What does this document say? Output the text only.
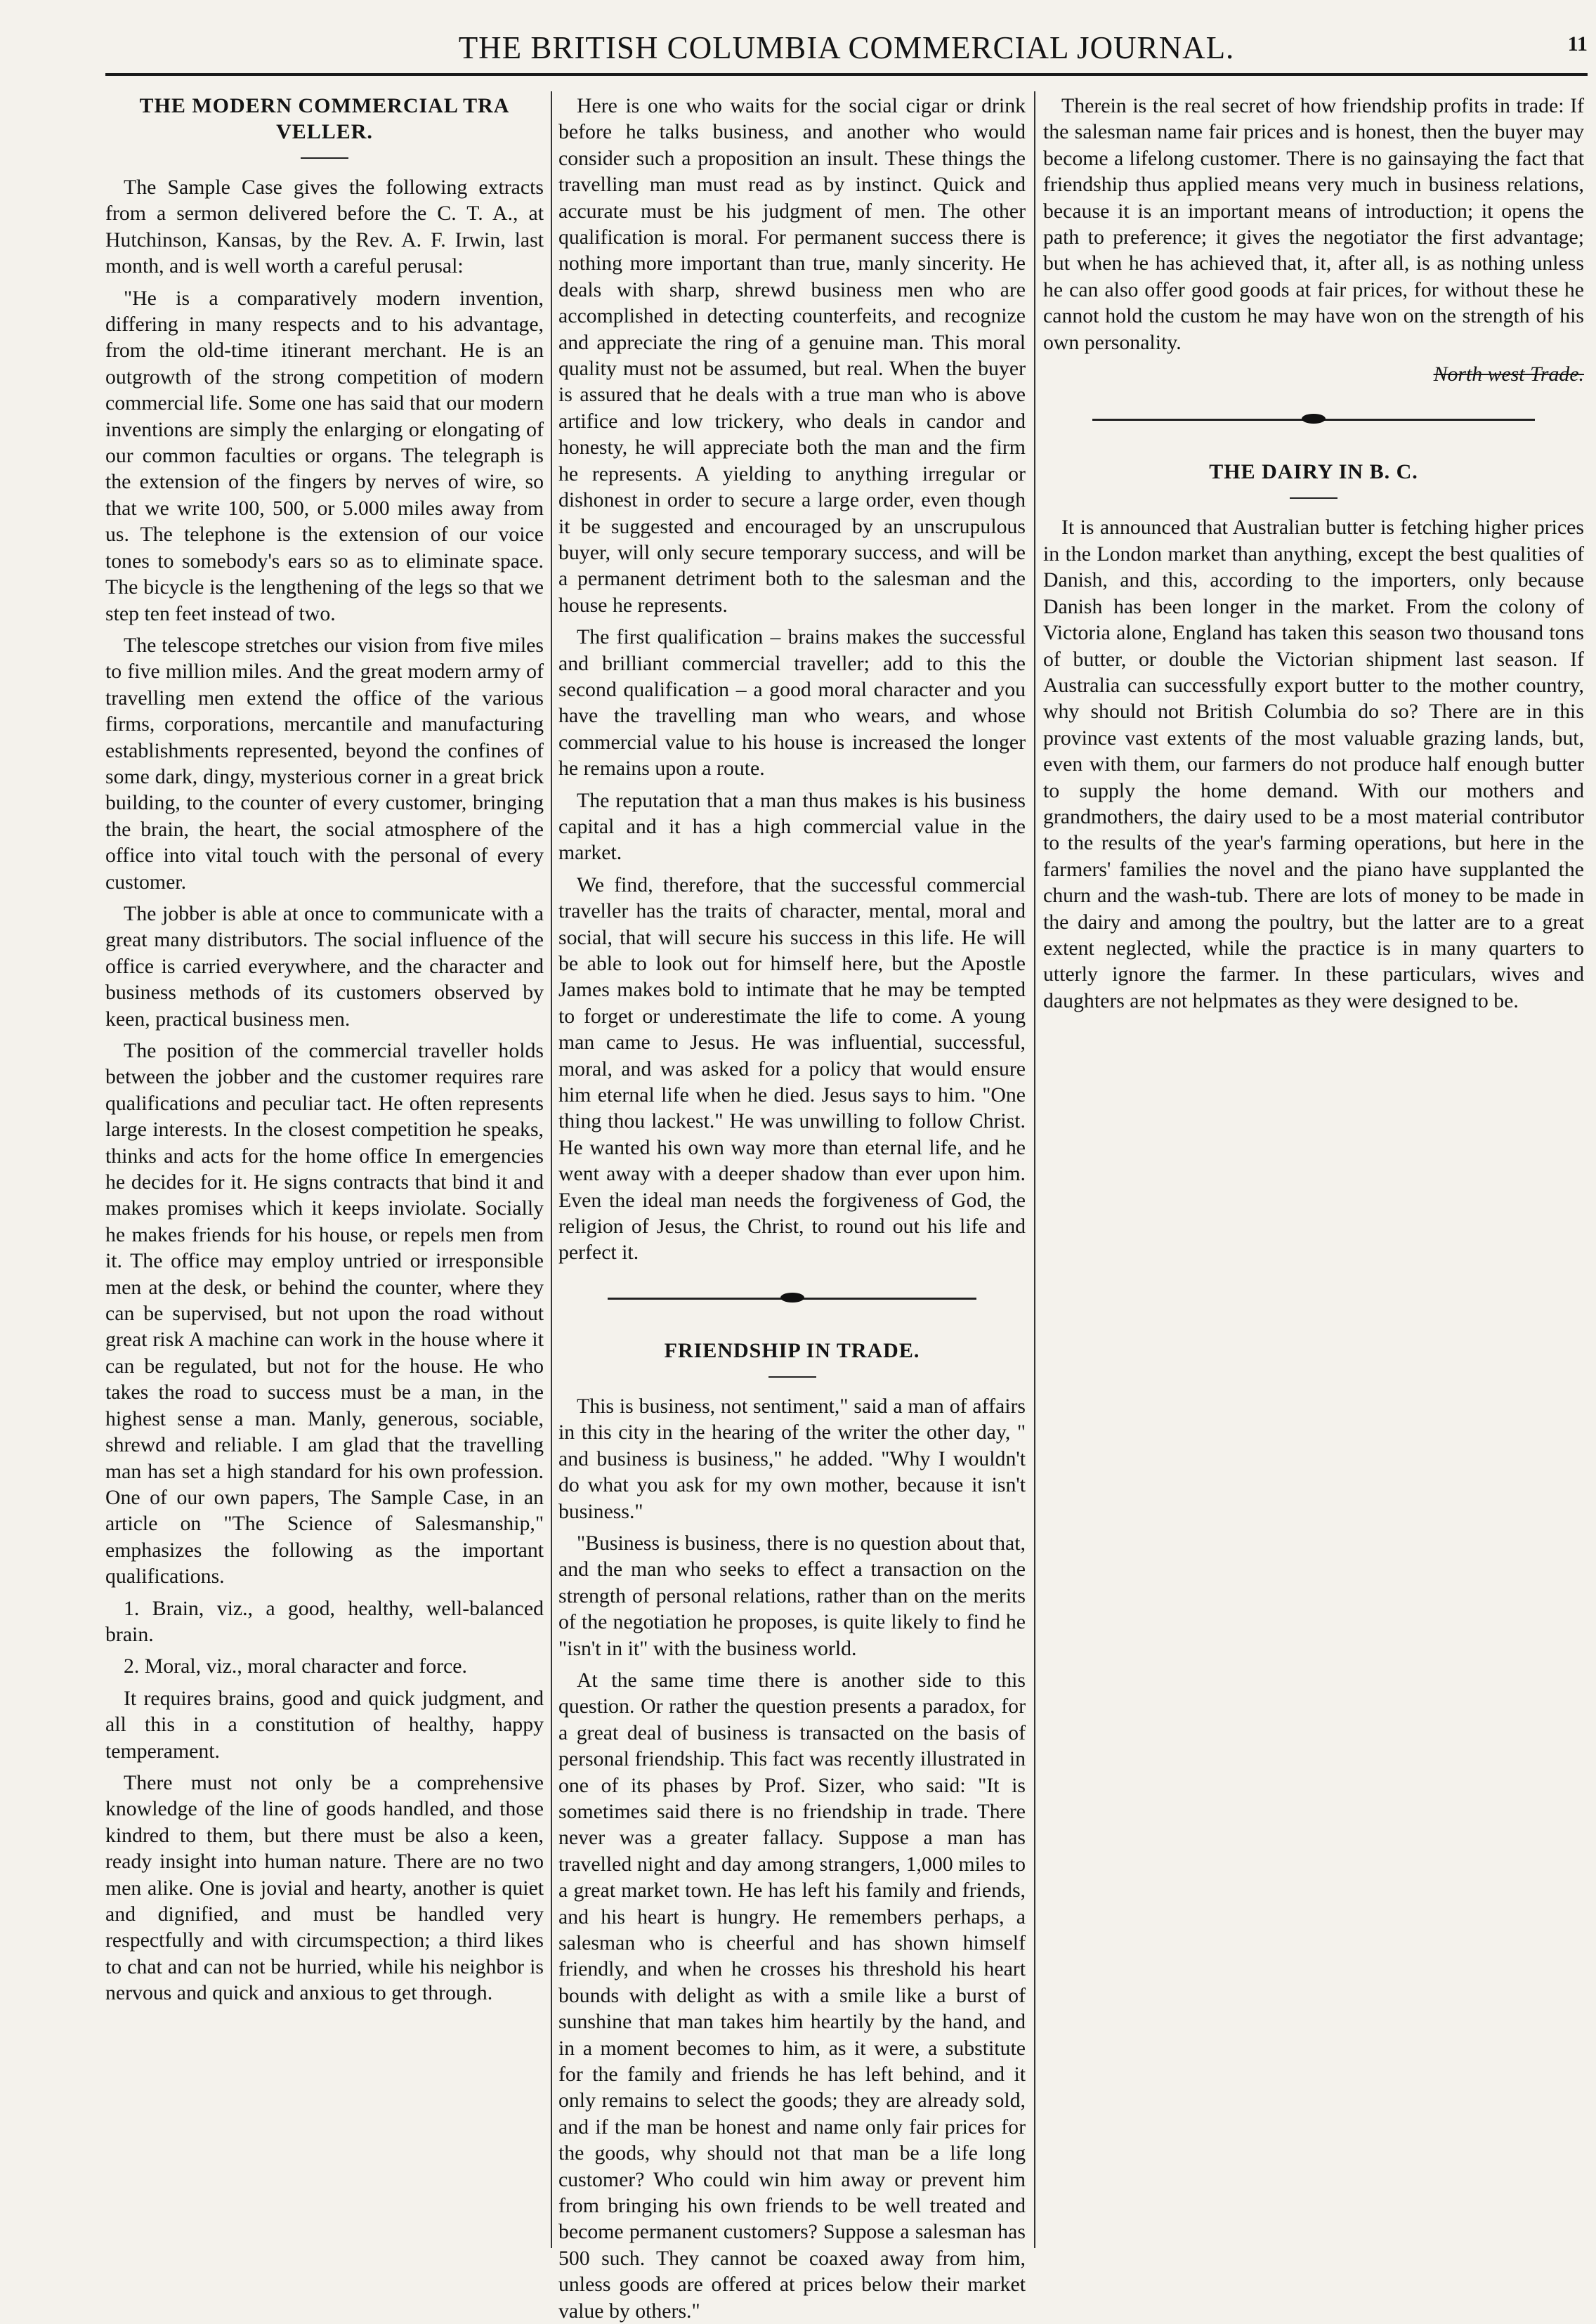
THE BRITISH COLUMBIA COMMERCIAL JOURNAL.	11
THE MODERN COMMERCIAL TRA VELLER.

The Sample Case gives the following extracts from a sermon delivered before the C. T. A., at Hutchinson, Kansas, by the Rev. A. F. Irwin, last month, and is well worth a careful perusal:

"He is a comparatively modern invention, differing in many respects and to his advantage, from the old-time itinerant merchant. He is an outgrowth of the strong competition of modern commercial life. Some one has said that our modern inventions are simply the enlarging or elongating of our common faculties or organs. The telegraph is the extension of the fingers by nerves of wire, so that we write 100, 500, or 5.000 miles away from us. The telephone is the extension of our voice tones to somebody's ears so as to eliminate space. The bicycle is the lengthening of the legs so that we step ten feet instead of two.

The telescope stretches our vision from five miles to five million miles. And the great modern army of travelling men extend the office of the various firms, corporations, mercantile and manufacturing establishments represented, beyond the confines of some dark, dingy, mysterious corner in a great brick building, to the counter of every customer, bringing the brain, the heart, the social atmosphere of the office into vital touch with the personal of every customer.

The jobber is able at once to communicate with a great many distributors. The social influence of the office is carried everywhere, and the character and business methods of its customers observed by keen, practical business men.

The position of the commercial traveller holds between the jobber and the customer requires rare qualifications and peculiar tact. He often represents large interests. In the closest competition he speaks, thinks and acts for the home office In emergencies he decides for it. He signs contracts that bind it and makes promises which it keeps inviolate. Socially he makes friends for his house, or repels men from it. The office may employ untried or irresponsible men at the desk, or behind the counter, where they can be supervised, but not upon the road without great risk A machine can work in the house where it can be regulated, but not for the house. He who takes the road to success must be a man, in the highest sense a man. Manly, generous, sociable, shrewd and reliable. I am glad that the travelling man has set a high standard for his own profession. One of our own papers, The Sample Case, in an article on "The Science of Salesmanship," emphasizes the following as the important qualifications.

1. Brain, viz., a good, healthy, well-balanced brain.

2. Moral, viz., moral character and force.

It requires brains, good and quick judgment, and all this in a constitution of healthy, happy temperament.

There must not only be a comprehensive knowledge of the line of goods handled, and those kindred to them, but there must be also a keen, ready insight into human nature. There are no two men alike. One is jovial and hearty, another is quiet and dignified, and must be handled very respectfully and with circumspection; a third likes to chat and can not be hurried, while his neighbor is nervous and quick and anxious to get through.

Here is one who waits for the social cigar or drink before he talks business, and another who would consider such a proposition an insult. These things the travelling man must read as by instinct. Quick and accurate must be his judgment of men. The other qualification is moral. For permanent success there is nothing more important than true, manly sincerity. He deals with sharp, shrewd business men who are accomplished in detecting counterfeits, and recognize and appreciate the ring of a genuine man. This moral quality must not be assumed, but real. When the buyer is assured that he deals with a true man who is above artifice and low trickery, who deals in candor and honesty, he will appreciate both the man and the firm he represents. A yielding to anything irregular or dishonest in order to secure a large order, even though it be suggested and encouraged by an unscrupulous buyer, will only secure temporary success, and will be a permanent detriment both to the salesman and the house he represents.

The first qualification – brains makes the successful and brilliant commercial traveller; add to this the second qualification – a good moral character and you have the travelling man who wears, and whose commercial value to his house is increased the longer he remains upon a route.

The reputation that a man thus makes is his business capital and it has a high commercial value in the market.

We find, therefore, that the successful commercial traveller has the traits of character, mental, moral and social, that will secure his success in this life. He will be able to look out for himself here, but the Apostle James makes bold to intimate that he may be tempted to forget or underestimate the life to come. A young man came to Jesus. He was influential, successful, moral, and was asked for a policy that would ensure him eternal life when he died. Jesus says to him. "One thing thou lackest." He was unwilling to follow Christ. He wanted his own way more than eternal life, and he went away with a deeper shadow than ever upon him. Even the ideal man needs the forgiveness of God, the religion of Jesus, the Christ, to round out his life and perfect it.

FRIENDSHIP IN TRADE.

This is business, not sentiment," said a man of affairs in this city in the hearing of the writer the other day, " and business is business," he added. "Why I wouldn't do what you ask for my own mother, because it isn't business."

"Business is business, there is no question about that, and the man who seeks to effect a transaction on the strength of personal relations, rather than on the merits of the negotiation he proposes, is quite likely to find he "isn't in it" with the business world.

At the same time there is another side to this question. Or rather the question presents a paradox, for a great deal of business is transacted on the basis of personal friendship. This fact was recently illustrated in one of its phases by Prof. Sizer, who said: "It is sometimes said there is no friendship in trade. There never was a greater fallacy. Suppose a man has travelled night and day among strangers, 1,000 miles to a great market town. He has left his family and friends, and his heart is hungry. He remembers perhaps, a salesman who is cheerful and has shown himself friendly, and when he crosses his threshold his heart bounds with delight as with a smile like a burst of sunshine that man takes him heartily by the hand, and in a moment becomes to him, as it were, a substitute for the family and friends he has left behind, and it only remains to select the goods; they are already sold, and if the man be honest and name only fair prices for the goods, why should not that man be a life long customer? Who could win him away or prevent him from bringing his own friends to be well treated and become permanent customers? Suppose a salesman has 500 such. They cannot be coaxed away from him, unless goods are offered at prices below their market value by others."

Therein is the real secret of how friendship profits in trade: If the salesman name fair prices and is honest, then the buyer may become a lifelong customer. There is no gainsaying the fact that friendship thus applied means very much in business relations, because it is an important means of introduction; it opens the path to preference; it gives the negotiator the first advantage; but when he has achieved that, it, after all, is as nothing unless he can also offer good goods at fair prices, for without these he cannot hold the custom he may have won on the strength of his own personality.

North west Trade.

THE DAIRY IN B. C.

It is announced that Australian butter is fetching higher prices in the London market than anything, except the best qualities of Danish, and this, according to the importers, only because Danish has been longer in the market. From the colony of Victoria alone, England has taken this season two thousand tons of butter, or double the Victorian shipment last season. If Australia can successfully export butter to the mother country, why should not British Columbia do so? There are in this province vast extents of the most valuable grazing lands, but, even with them, our farmers do not produce half enough butter to supply the home demand. With our mothers and grandmothers, the dairy used to be a most material contributor to the results of the year's farming operations, but here in the farmers' families the novel and the piano have supplanted the churn and the wash-tub. There are lots of money to be made in the dairy and among the poultry, but the latter are to a great extent neglected, while the practice is in many quarters to utterly ignore the farmer. In these particulars, wives and daughters are not helpmates as they were designed to be.
